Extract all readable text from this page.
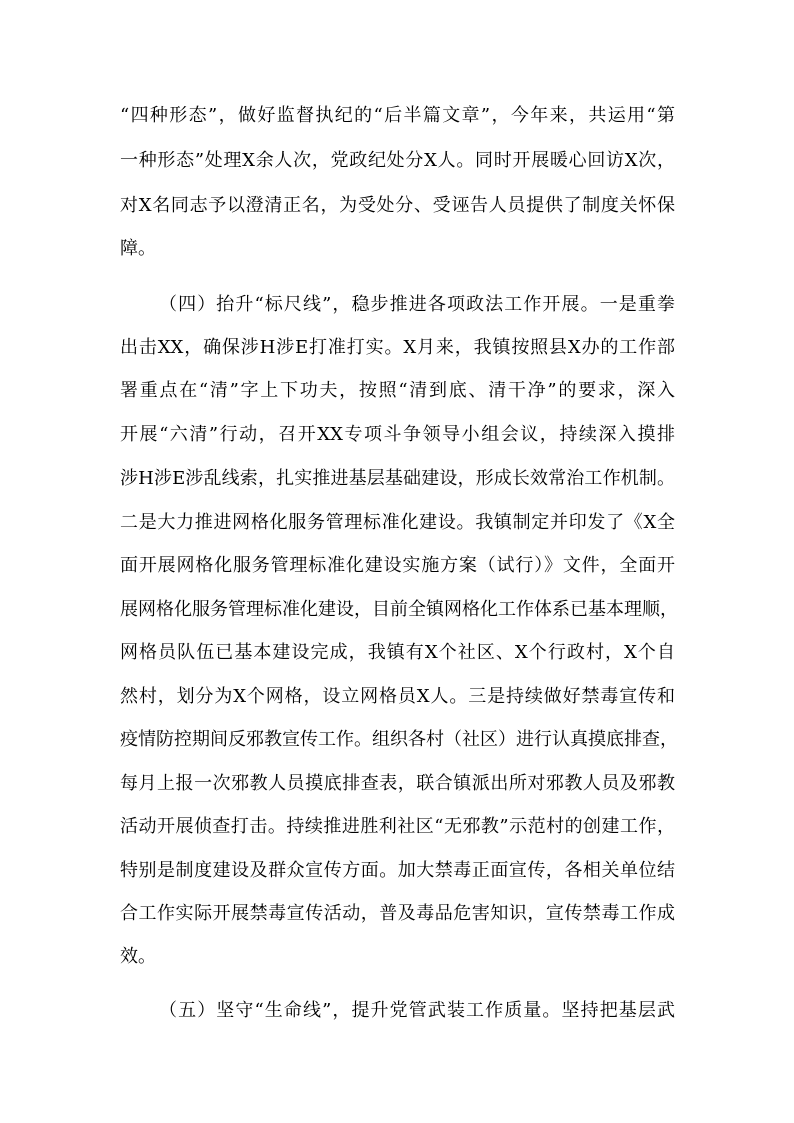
“四种形态”，做好监督执纪的“后半篇文章”，今年来，共运用“第
一种形态”处理X余人次，党政纪处分X人。同时开展暖心回访X次，
对X名同志予以澄清正名，为受处分、受诬告人员提供了制度关怀保
障。
（四）抬升“标尺线”，稳步推进各项政法工作开展。一是重拳
出击XX，确保涉H涉E打准打实。X月来，我镇按照县X办的工作部
署重点在“清”字上下功夫，按照“清到底、清干净”的要求，深入
开展“六清”行动，召开XX专项斗争领导小组会议，持续深入摸排
涉H涉E涉乱线索，扎实推进基层基础建设，形成长效常治工作机制。
二是大力推进网格化服务管理标准化建设。我镇制定并印发了《X全
面开展网格化服务管理标准化建设实施方案（试行）》文件，全面开
展网格化服务管理标准化建设，目前全镇网格化工作体系已基本理顺，
网格员队伍已基本建设完成，我镇有X个社区、X个行政村，X个自
然村，划分为X个网格，设立网格员X人。三是持续做好禁毒宣传和
疫情防控期间反邪教宣传工作。组织各村（社区）进行认真摸底排查，
每月上报一次邪教人员摸底排查表，联合镇派出所对邪教人员及邪教
活动开展侦查打击。持续推进胜利社区“无邪教”示范村的创建工作，
特别是制度建设及群众宣传方面。加大禁毒正面宣传，各相关单位结
合工作实际开展禁毒宣传活动，普及毒品危害知识，宣传禁毒工作成
效。
（五）坚守“生命线”，提升党管武装工作质量。坚持把基层武
